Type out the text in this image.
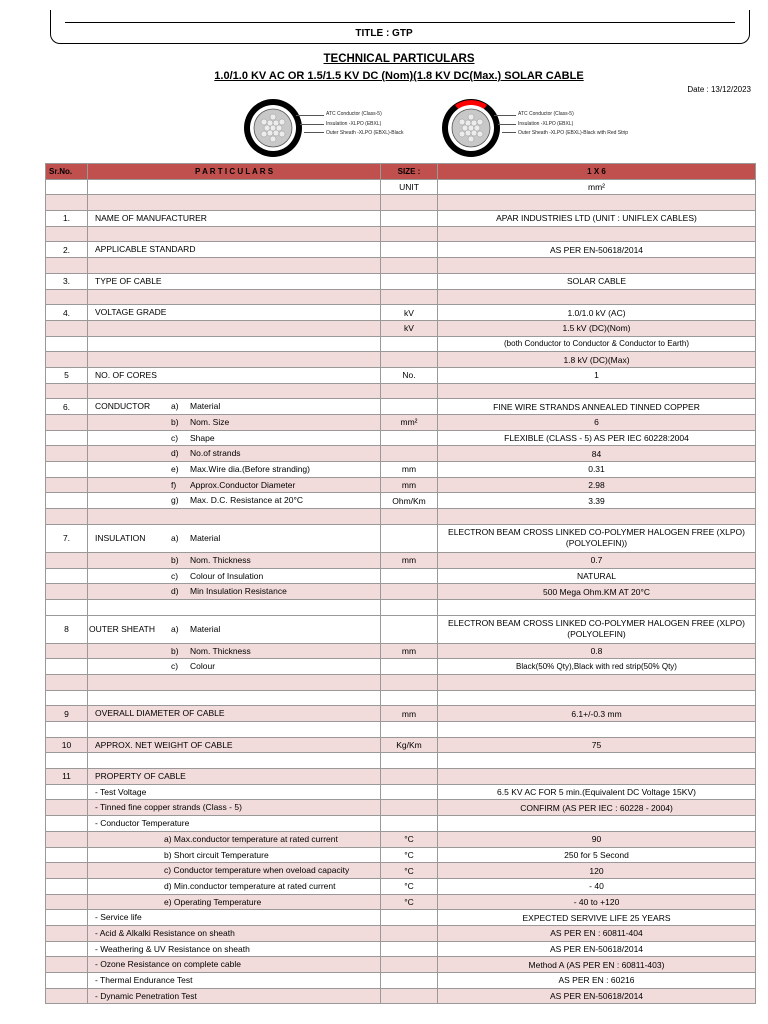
TITLE : GTP
TECHNICAL PARTICULARS
1.0/1.0 KV AC OR 1.5/1.5 KV DC (Nom)(1.8 KV DC(Max.) SOLAR CABLE
Date : 13/12/2023
ATC Conductor (Class-5)
Insulation -XLPO (EBXL)
Outer Sheath -XLPO (EBXL)-Black
ATC Conductor (Class-5)
Insulation -XLPO (EBXL)
Outer Sheath -XLPO (EBXL)-Black with Red Strip
Sr.No.	P A R T I C U L A R S	SIZE :	1 X 6
		UNIT	mm²

1.	NAME OF MANUFACTURER		APAR INDUSTRIES LTD (UNIT : UNIFLEX CABLES)

2.	APPLICABLE STANDARD		AS PER EN-50618/2014

3.	TYPE OF CABLE		SOLAR CABLE

4.	VOLTAGE GRADE	kV	1.0/1.0 kV (AC)
		kV	1.5 kV (DC)(Nom)
			(both Conductor to Conductor & Conductor to Earth)
			1.8 kV (DC)(Max)
5	NO. OF CORES	No.	1

6.	CONDUCTOR a) Material		FINE WIRE STRANDS ANNEALED TINNED COPPER

	b) Nom. Size	mm²	6

	c) Shape		FLEXIBLE (CLASS - 5) AS PER IEC 60228:2004

	d) No.of strands		84

	e) Max.Wire dia.(Before stranding)	mm	0.31

	f) Approx.Conductor Diameter	mm	2.98

	g) Max. D.C. Resistance at 20°C	Ohm/Km	3.39

7.	INSULATION a) Material		ELECTRON BEAM CROSS LINKED CO-POLYMER HALOGEN FREE (XLPO) (POLYOLEFIN))

	b) Nom. Thickness	mm	0.7

	c) Colour of Insulation		NATURAL

	d) Min Insulation Resistance		500 Mega Ohm.KM AT 20°C

8	OUTER SHEATH a) Material		ELECTRON BEAM CROSS LINKED CO-POLYMER HALOGEN FREE (XLPO) (POLYOLEFIN)

	b) Nom. Thickness	mm	0.8

	c) Colour		Black(50% Qty),Black with red strip(50% Qty)

9	OVERALL DIAMETER OF CABLE	mm	6.1+/-0.3 mm

10	APPROX. NET WEIGHT OF CABLE	Kg/Km	75

11	PROPERTY OF CABLE		

	- Test Voltage		6.5 KV AC FOR 5 min.(Equivalent DC Voltage 15KV)

	- Tinned fine copper strands (Class - 5)		CONFIRM (AS PER IEC : 60228 - 2004)

	- Conductor Temperature		

	a) Max.conductor temperature at rated current	°C	90

	b) Short circuit Temperature	°C	250 for 5 Second

	c) Conductor temperature when oveload capacity	°C	120

	d) Min.conductor temperature at rated current	°C	- 40

	e) Operating Temperature	°C	- 40 to +120

	- Service life		EXPECTED SERVIVE LIFE 25 YEARS

	- Acid & Alkalki Resistance on sheath		AS PER EN : 60811-404

	- Weathering & UV Resistance on sheath		AS PER EN-50618/2014

	- Ozone Resistance on complete cable		Method A (AS PER EN : 60811-403)

	- Thermal Endurance Test		AS PER EN : 60216

	- Dynamic Penetration Test		AS PER EN-50618/2014
